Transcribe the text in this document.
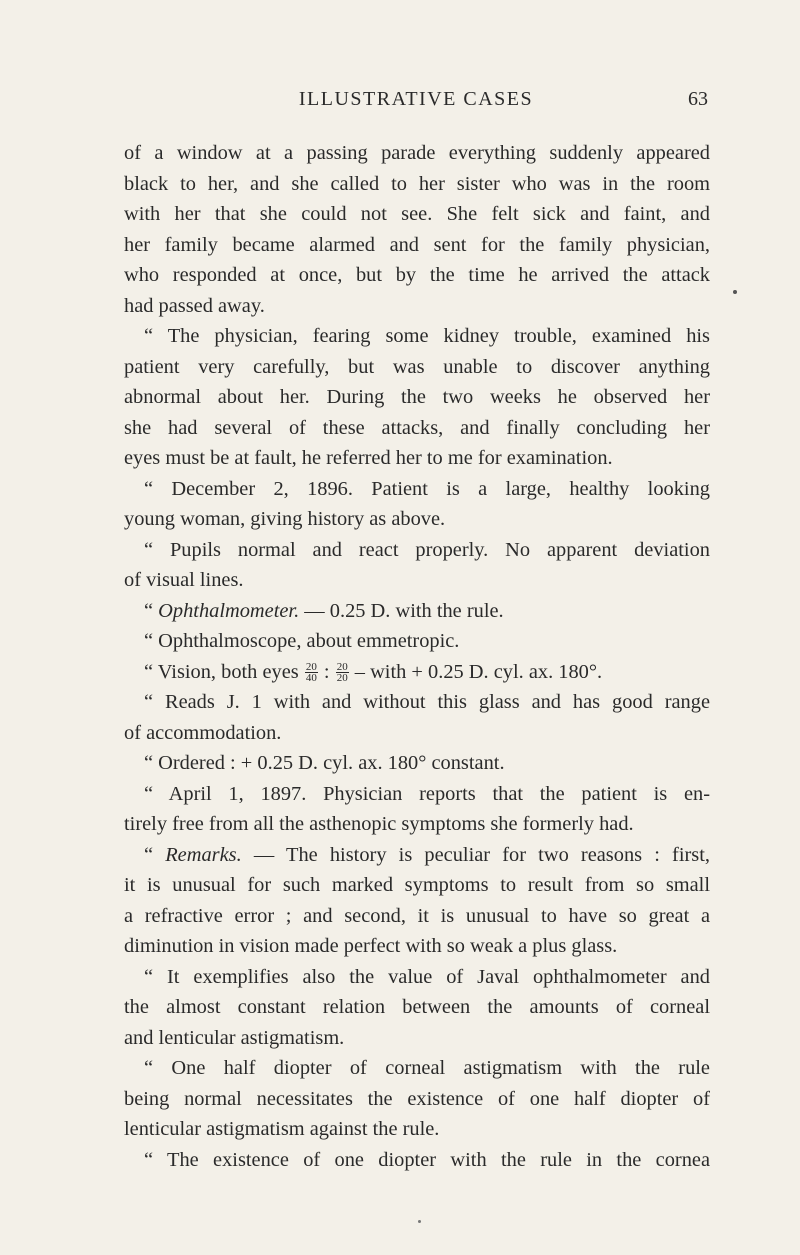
ILLUSTRATIVE CASES	63
of a window at a passing parade everything suddenly appeared
black to her, and she called to her sister who was in the room
with her that she could not see. She felt sick and faint, and
her family became alarmed and sent for the family physician,
who responded at once, but by the time he arrived the attack
had passed away.
“ The physician, fearing some kidney trouble, examined his
patient very carefully, but was unable to discover anything
abnormal about her. During the two weeks he observed her
she had several of these attacks, and finally concluding her
eyes must be at fault, he referred her to me for examination.
“ December 2, 1896. Patient is a large, healthy looking
young woman, giving history as above.
“ Pupils normal and react properly. No apparent deviation
of visual lines.
“ Ophthalmometer. — 0.25 D. with the rule.
“ Ophthalmoscope, about emmetropic.
“ Vision, both eyes $\frac{20}{40}$ : $\frac{20}{20}$ – with + 0.25 D. cyl. ax. 180°.
“ Reads J. 1 with and without this glass and has good range
of accommodation.
“ Ordered : + 0.25 D. cyl. ax. 180° constant.
“ April 1, 1897. Physician reports that the patient is en-
tirely free from all the asthenopic symptoms she formerly had.
“ Remarks. — The history is peculiar for two reasons : first,
it is unusual for such marked symptoms to result from so small
a refractive error ; and second, it is unusual to have so great a
diminution in vision made perfect with so weak a plus glass.
“ It exemplifies also the value of Javal ophthalmometer and
the almost constant relation between the amounts of corneal
and lenticular astigmatism.
“ One half diopter of corneal astigmatism with the rule
being normal necessitates the existence of one half diopter of
lenticular astigmatism against the rule.
“ The existence of one diopter with the rule in the cornea
